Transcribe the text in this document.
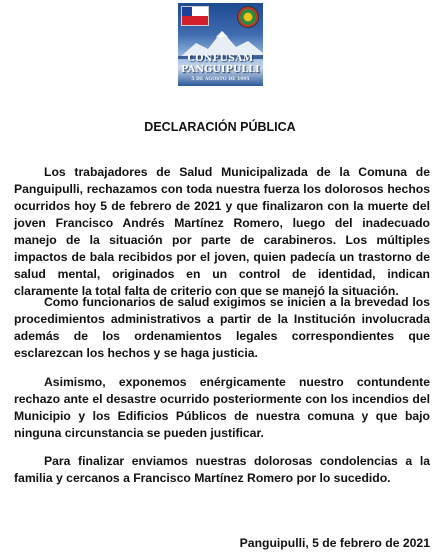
CONFUSAM
PANGUIPULLI
5 DE AGOSTO DE 1995
DECLARACIÓN PÚBLICA

Los trabajadores de Salud Municipalizada de la Comuna de Panguipulli, rechazamos con toda nuestra fuerza los dolorosos hechos ocurridos hoy 5 de febrero de 2021 y que finalizaron con la muerte del joven Francisco Andrés Martínez Romero, luego del inadecuado manejo de la situación por parte de carabineros. Los múltiples impactos de bala recibidos por el joven, quien padecía un trastorno de salud mental, originados en un control de identidad, indican claramente la total falta de criterio con que se manejó la situación.

Como funcionarios de salud exigimos se inicien a la brevedad los procedimientos administrativos a partir de la Institución involucrada además de los ordenamientos legales correspondientes que esclarezcan los hechos y se haga justicia.

Asimismo, exponemos enérgicamente nuestro contundente rechazo ante el desastre ocurrido posteriormente con los incendios del Municipio y los Edificios Públicos de nuestra comuna y que bajo ninguna circunstancia se pueden justificar.

Para finalizar enviamos nuestras dolorosas condolencias a la familia y cercanos a Francisco Martínez Romero por lo sucedido.

Panguipulli, 5 de febrero de 2021
